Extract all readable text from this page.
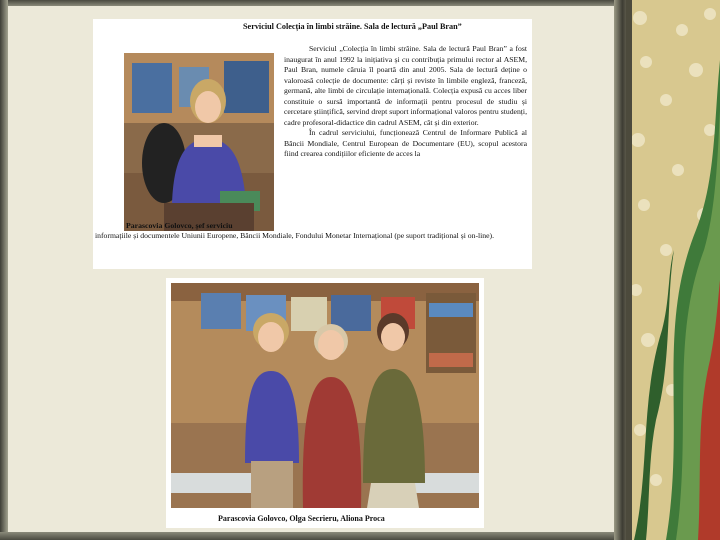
Serviciul Colecția în limbi străine. Sala de lectură „Paul Bran”

Serviciul „Colecția în limbi străine. Sala de lectură Paul Bran” a fost inaugurat în anul 1992 la inițiativa și cu contribuția primului rector al ASEM, Paul Bran, numele căruia îl poartă din anul 2005. Sala de lectură deține o valoroasă colecție de documente: cărți și reviste în limbile engleză, franceză, germană, alte limbi de circulație internațională. Colecția expusă cu acces liber constituie o sursă importantă de informații pentru procesul de studiu și cercetare științifică, servind drept suport informațional valoros pentru studenți, cadre profesoral-didactice din cadrul ASEM, cât și din exterior.

În cadrul serviciului, funcționează Centrul de Informare Publică al Băncii Mondiale, Centrul European de Documentare (EU), scopul acestora fiind crearea condițiilor eficiente de acces la

Parascovia Golovco, șef serviciu
informațiile și documentele Uniunii Europene, Băncii Mondiale, Fondului Monetar Internațional (pe suport tradițional și on-line).
Parascovia Golovco, Olga Secrieru, Aliona Proca
